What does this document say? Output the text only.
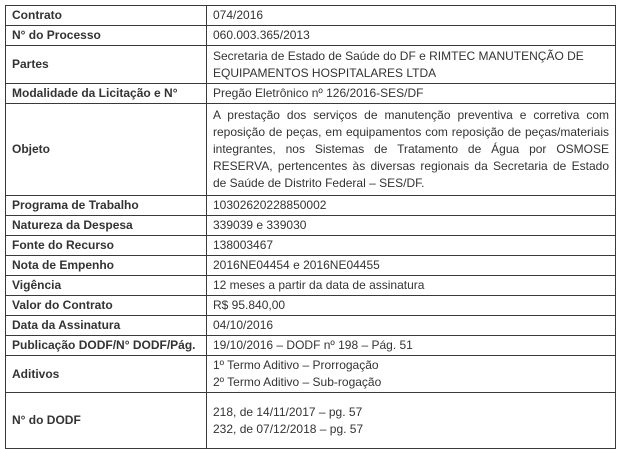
Contrato	074/2016
N° do Processo	060.003.365/2013
Partes	Secretaria de Estado de Saúde do DF e RIMTEC MANUTENÇÃO DE EQUIPAMENTOS HOSPITALARES LTDA
Modalidade da Licitação e N°	Pregão Eletrônico nº 126/2016-SES/DF
Objeto	A prestação dos serviços de manutenção preventiva e corretiva com reposição de peças, em equipamentos com reposição de peças/materiais integrantes, nos Sistemas de Tratamento de Água por OSMOSE RESERVA, pertencentes às diversas regionais da Secretaria de Estado de Saúde de Distrito Federal – SES/DF.
Programa de Trabalho	10302620228850002
Natureza da Despesa	339039 e 339030
Fonte do Recurso	138003467
Nota de Empenho	2016NE04454 e 2016NE04455
Vigência	12 meses a partir da data de assinatura
Valor do Contrato	R$ 95.840,00
Data da Assinatura	04/10/2016
Publicação DODF/N° DODF/Pág.	19/10/2016 – DODF nº 198 – Pág. 51
Aditivos	1º Termo Aditivo – Prorrogação
2º Termo Aditivo – Sub-rogação

N° do DODF	218, de 14/11/2017 – pg. 57
232, de 07/12/2018 – pg. 57
